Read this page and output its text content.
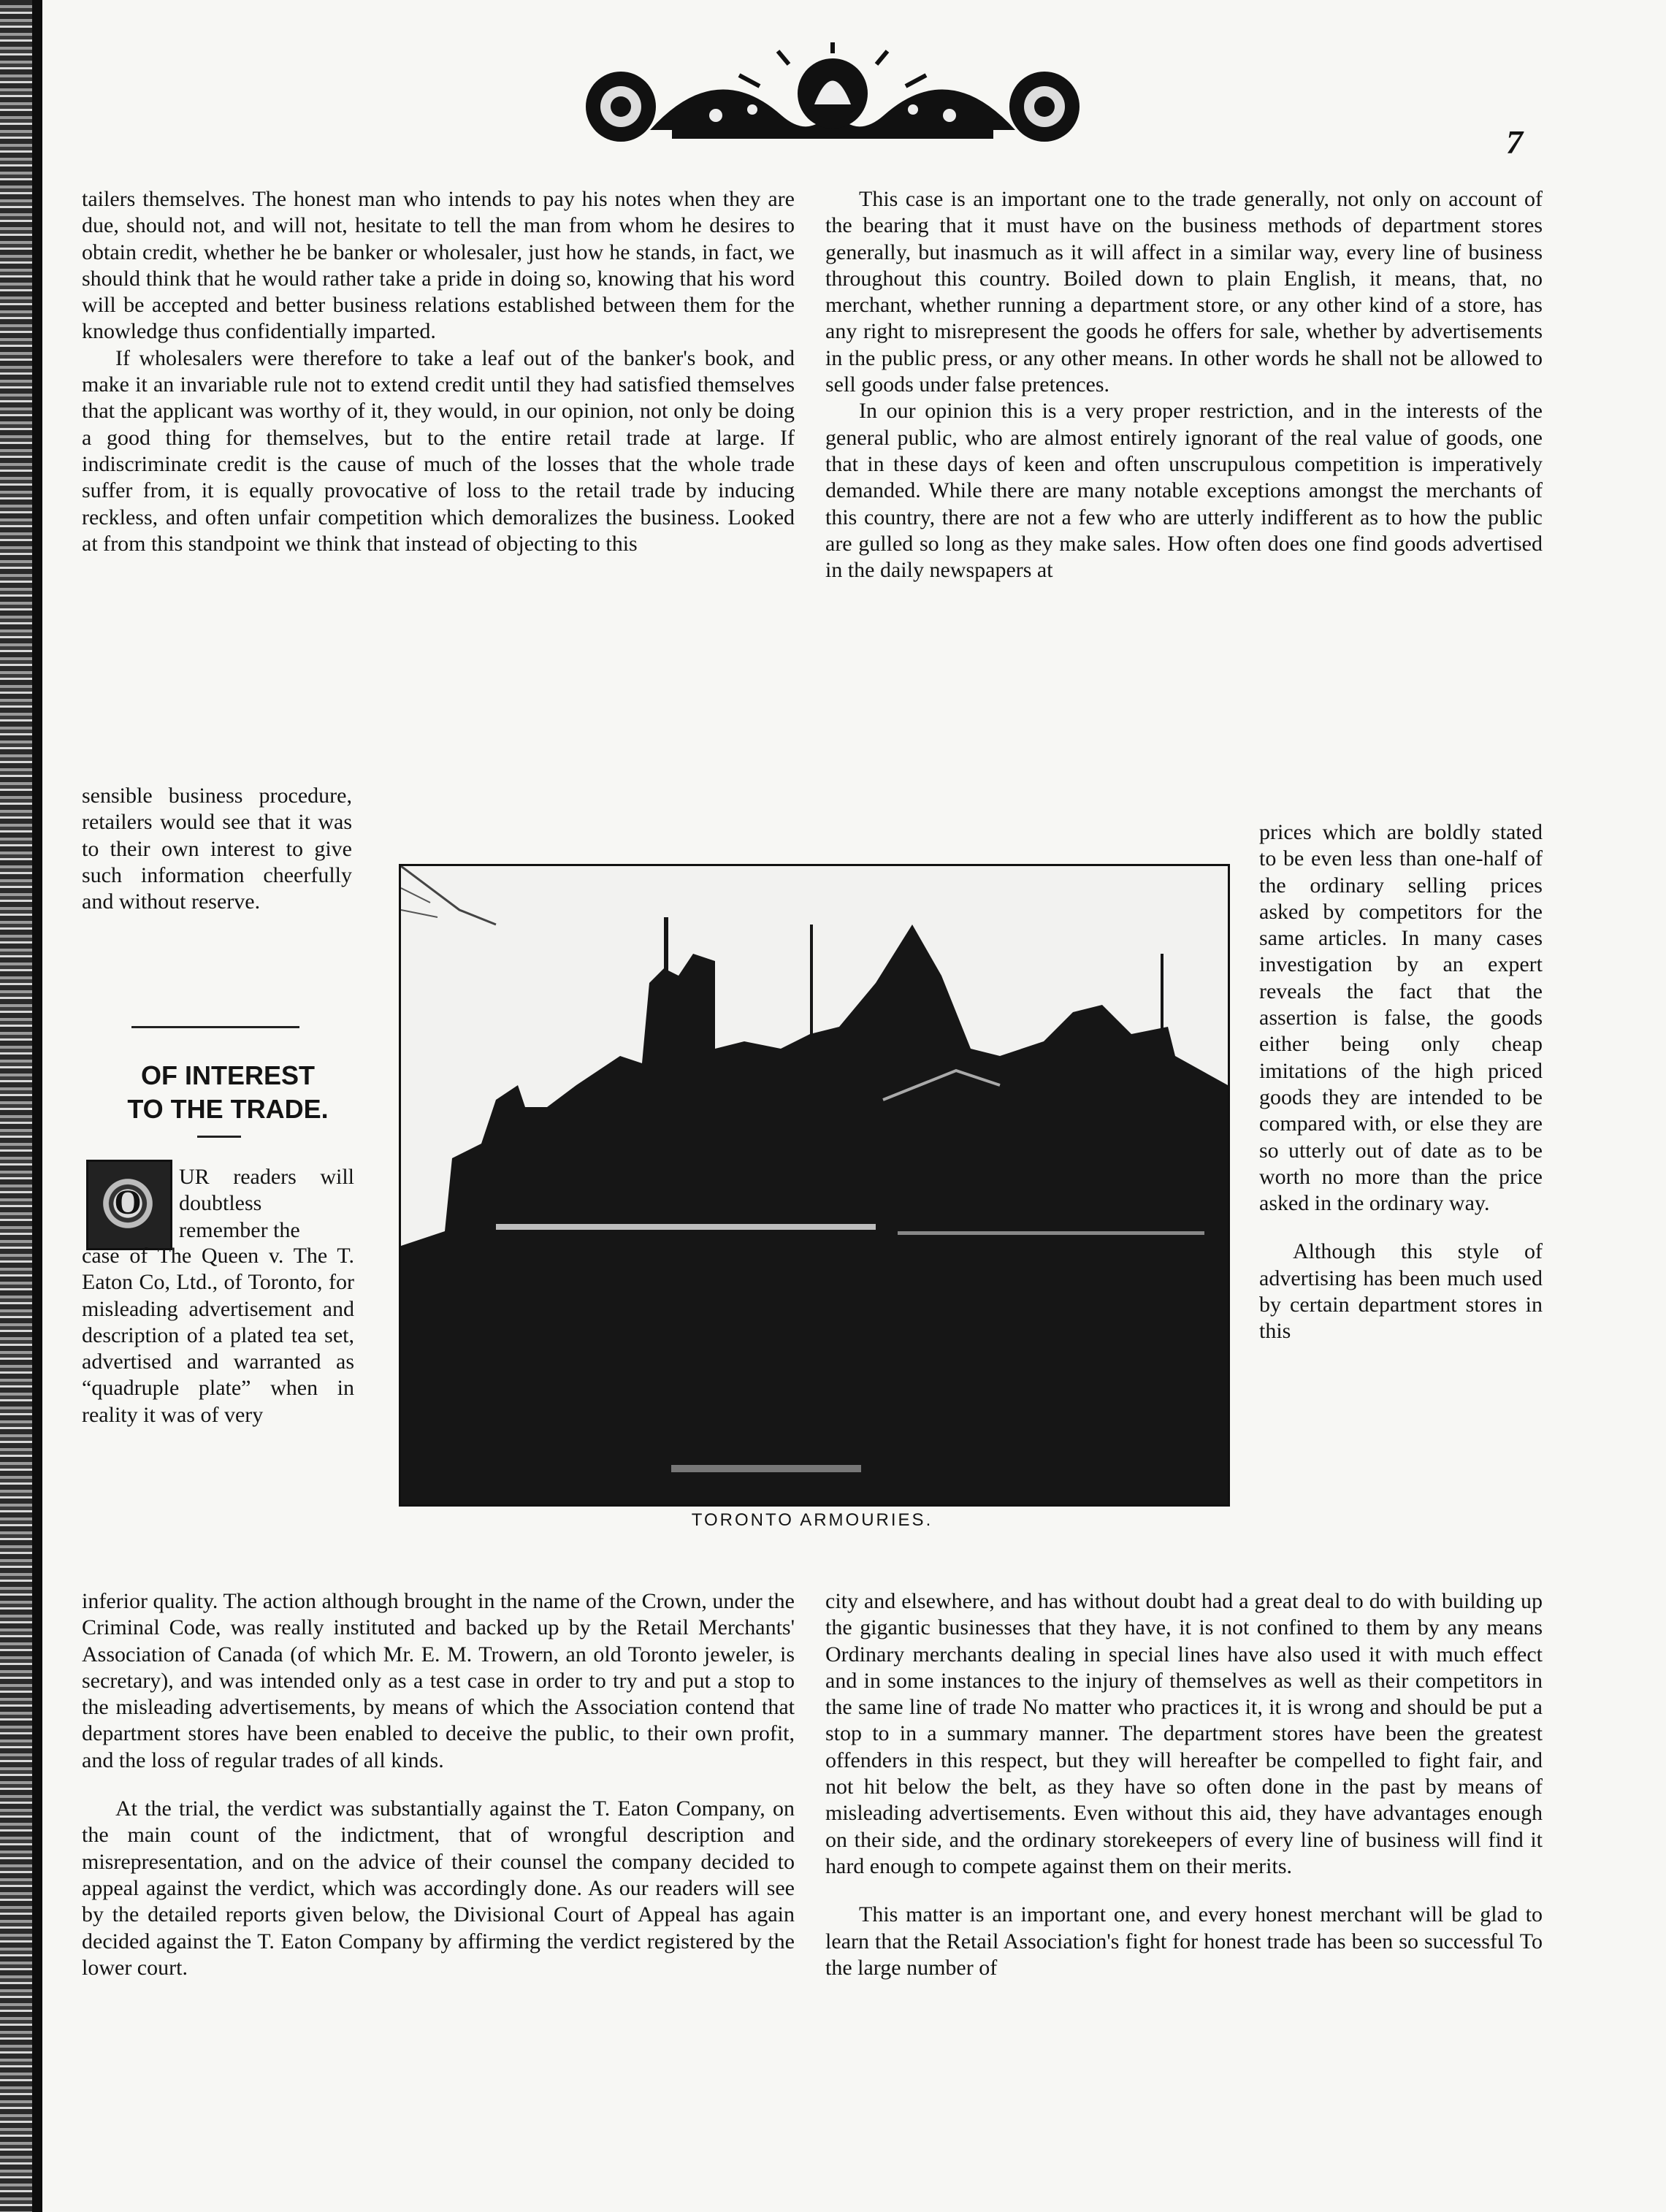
7

tailers themselves. The honest man who intends to pay his notes when they are due, should not, and will not, hesitate to tell the man from whom he desires to obtain credit, whether he be banker or wholesaler, just how he stands, in fact, we should think that he would rather take a pride in doing so, knowing that his word will be accepted and better business relations established between them for the knowledge thus confidentially imparted.

If wholesalers were therefore to take a leaf out of the banker's book, and make it an invariable rule not to extend credit until they had satisfied themselves that the applicant was worthy of it, they would, in our opinion, not only be doing a good thing for themselves, but to the entire retail trade at large. If indiscriminate credit is the cause of much of the losses that the whole trade suffer from, it is equally provocative of loss to the retail trade by inducing reckless, and often unfair competition which demoralizes the business. Looked at from this standpoint we think that instead of objecting to this

sensible business procedure, retailers would see that it was to their own interest to give such information cheerfully and without reserve.
OF INTEREST
TO THE TRADE.
O
UR readers will doubtless remember the
case of The Queen v. The T. Eaton Co, Ltd., of Toronto, for misleading advertisement and description of a plated tea set, advertised and warranted as “quadruple plate” when in reality it was of very
TORONTO ARMOURIES.

This case is an important one to the trade generally, not only on account of the bearing that it must have on the business methods of department stores generally, but inasmuch as it will affect in a similar way, every line of business throughout this country. Boiled down to plain English, it means, that, no merchant, whether running a department store, or any other kind of a store, has any right to misrepresent the goods he offers for sale, whether by advertisements in the public press, or any other means. In other words he shall not be allowed to sell goods under false pretences.

In our opinion this is a very proper restriction, and in the interests of the general public, who are almost entirely ignorant of the real value of goods, one that in these days of keen and often unscrupulous competition is imperatively demanded. While there are many notable exceptions amongst the merchants of this country, there are not a few who are utterly indifferent as to how the public are gulled so long as they make sales. How often does one find goods advertised in the daily newspapers at

prices which are boldly stated to be even less than one-half of the ordinary selling prices asked by competitors for the same articles. In many cases investigation by an expert reveals the fact that the assertion is false, the goods either being only cheap imitations of the high priced goods they are intended to be compared with, or else they are so utterly out of date as to be worth no more than the price asked in the ordinary way.

Although this style of advertising has been much used by certain department stores in this

inferior quality. The action although brought in the name of the Crown, under the Criminal Code, was really instituted and backed up by the Retail Merchants' Association of Canada (of which Mr. E. M. Trowern, an old Toronto jeweler, is secretary), and was intended only as a test case in order to try and put a stop to the misleading advertisements, by means of which the Association contend that department stores have been enabled to deceive the public, to their own profit, and the loss of regular trades of all kinds.

At the trial, the verdict was substantially against the T. Eaton Company, on the main count of the indictment, that of wrongful description and misrepresentation, and on the advice of their counsel the company decided to appeal against the verdict, which was accordingly done. As our readers will see by the detailed reports given below, the Divisional Court of Appeal has again decided against the T. Eaton Company by affirming the verdict registered by the lower court.

city and elsewhere, and has without doubt had a great deal to do with building up the gigantic businesses that they have, it is not confined to them by any means Ordinary merchants dealing in special lines have also used it with much effect and in some instances to the injury of themselves as well as their competitors in the same line of trade No matter who practices it, it is wrong and should be put a stop to in a summary manner. The department stores have been the greatest offenders in this respect, but they will hereafter be compelled to fight fair, and not hit below the belt, as they have so often done in the past by means of misleading advertisements. Even without this aid, they have advantages enough on their side, and the ordinary storekeepers of every line of business will find it hard enough to compete against them on their merits.

This matter is an important one, and every honest merchant will be glad to learn that the Retail Association's fight for honest trade has been so successful To the large number of
